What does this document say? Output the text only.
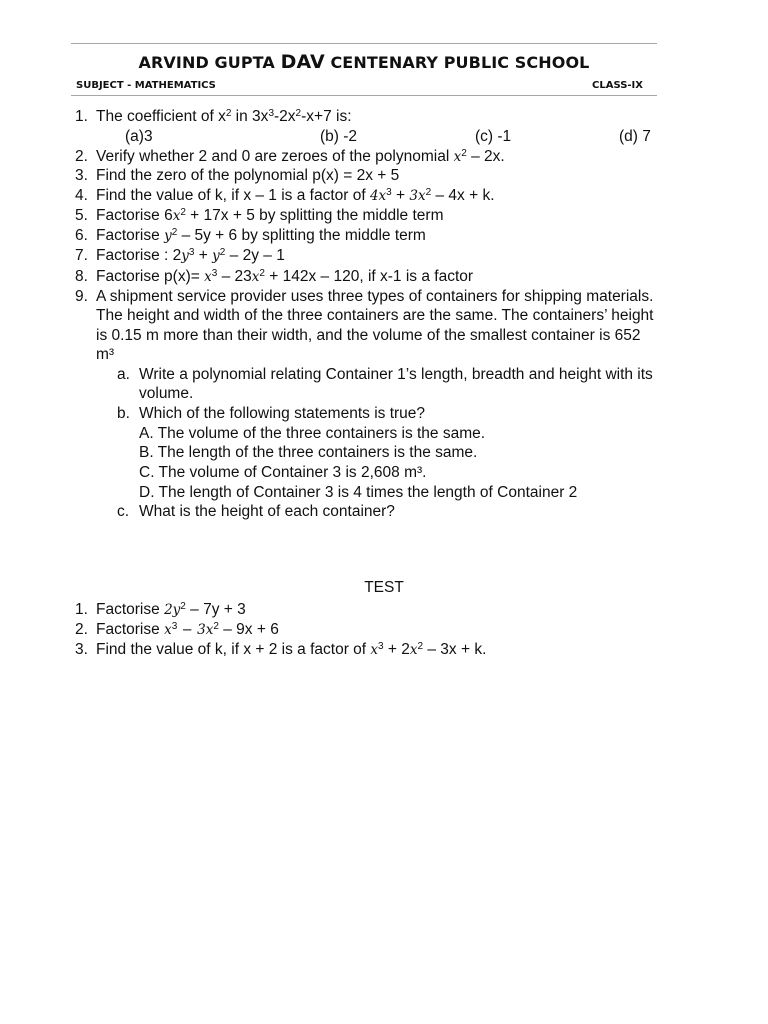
ARVIND GUPTA DAV CENTENARY PUBLIC SCHOOL
SUBJECT - MATHEMATICS	CLASS-IX
1. The coefficient of $x^2$ in $3x^3-2x^2-x+7$ is:
(a)3	(b) -2	(c) -1	(d) 7
2. Verify whether 2 and 0 are zeroes of the polynomial $x^2 - 2x$.
3. Find the zero of the polynomial p(x) = 2x + 5
4. Find the value of k, if x – 1 is a factor of $4x^3 + 3x^2 - 4x + k$.
5. Factorise $6x^2 + 17x + 5$ by splitting the middle term
6. Factorise $y^2 - 5y + 6$ by splitting the middle term
7. Factorise : $2y^3 + y^2 - 2y - 1$
8. Factorise $p(x)= x^3 - 23x^2 + 142x - 120$, if x-1 is a factor
9. A shipment service provider uses three types of containers for shipping materials.
The height and width of the three containers are the same. The containers’ height
is 0.15 m more than their width, and the volume of the smallest container is 652
m³
a. Write a polynomial relating Container 1’s length, breadth and height with its
volume.
b. Which of the following statements is true?
A. The volume of the three containers is the same.
B. The length of the three containers is the same.
C. The volume of Container 3 is 2,608 m³.
D. The length of Container 3 is 4 times the length of Container 2
c. What is the height of each container?
TEST
1. Factorise $2y^2 - 7y + 3$
2. Factorise $x^3 - 3x^2 - 9x + 6$
3. Find the value of k, if x + 2 is a factor of $x^3 + 2x^2 - 3x + k$.
